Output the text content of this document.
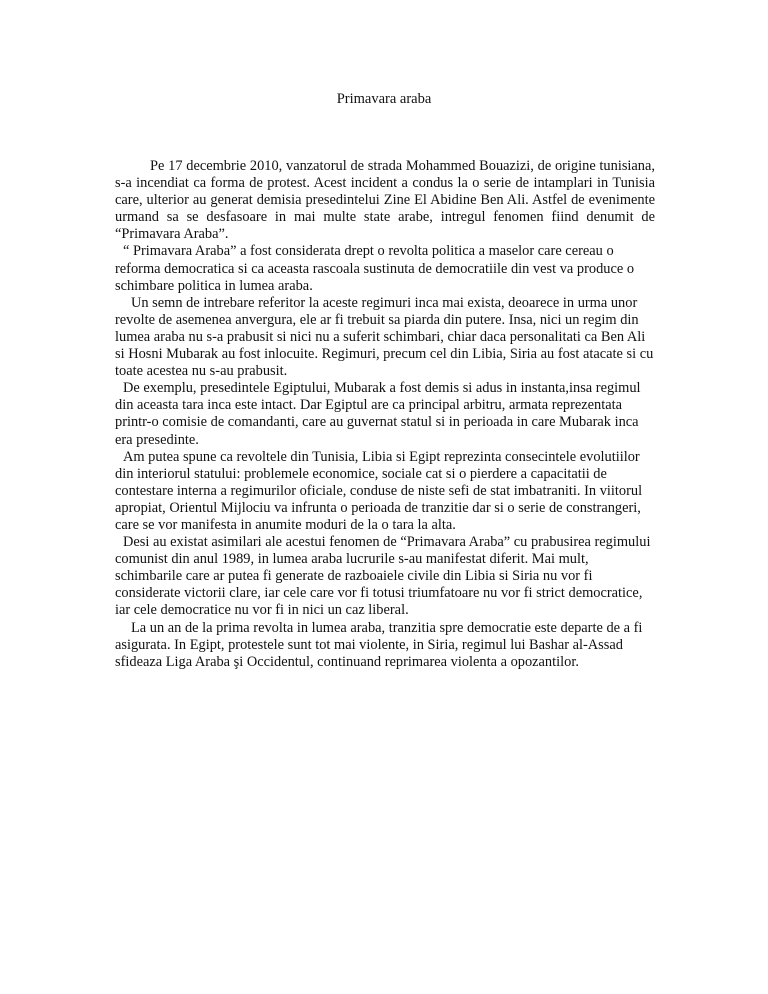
Primavara araba

Pe 17 decembrie 2010, vanzatorul de strada Mohammed Bouazizi, de origine tunisiana, s-a incendiat ca forma de protest. Acest incident a condus la o serie de intamplari in Tunisia care, ulterior au generat demisia presedintelui Zine El Abidine Ben Ali. Astfel de evenimente urmand sa se desfasoare in mai multe state arabe, intregul fenomen fiind denumit de “Primavara Araba”.

“ Primavara Araba” a fost considerata drept o revolta politica a maselor care cereau o reforma democratica si ca aceasta rascoala sustinuta de democratiile din vest va produce o schimbare politica in lumea araba.

Un semn de intrebare referitor la aceste regimuri inca mai exista, deoarece in urma unor revolte de asemenea anvergura, ele ar fi trebuit sa piarda din putere. Insa, nici un regim din lumea araba nu s-a prabusit si nici nu a suferit schimbari, chiar daca personalitati ca Ben Ali si Hosni Mubarak au fost inlocuite. Regimuri, precum cel din Libia, Siria au fost atacate si cu toate acestea nu s-au prabusit.

De exemplu, presedintele Egiptului, Mubarak a fost demis si adus in instanta,insa regimul din aceasta tara inca este intact. Dar Egiptul are ca principal arbitru, armata reprezentata printr-o comisie de comandanti, care au guvernat statul si in perioada in care Mubarak inca era presedinte.

Am putea spune ca revoltele din Tunisia, Libia si Egipt reprezinta consecintele evolutiilor din interiorul statului: problemele economice, sociale cat si o pierdere a capacitatii de contestare interna a regimurilor oficiale, conduse de niste sefi de stat imbatraniti. In viitorul apropiat, Orientul Mijlociu va infrunta o perioada de tranzitie dar si o serie de constrangeri, care se vor manifesta in anumite moduri de la o tara la alta.

Desi au existat asimilari ale acestui fenomen de “Primavara Araba” cu prabusirea regimului comunist din anul 1989, in lumea araba lucrurile s-au manifestat diferit. Mai mult, schimbarile care ar putea fi generate de razboaiele civile din Libia si Siria nu vor fi considerate victorii clare, iar cele care vor fi totusi triumfatoare nu vor fi strict democratice, iar cele democratice nu vor fi in nici un caz liberal.

La un an de la prima revolta in lumea araba, tranzitia spre democratie este departe de a fi asigurata. In Egipt, protestele sunt tot mai violente, in Siria, regimul lui Bashar al-Assad sfideaza Liga Araba şi Occidentul, continuand reprimarea violenta a opozantilor.
